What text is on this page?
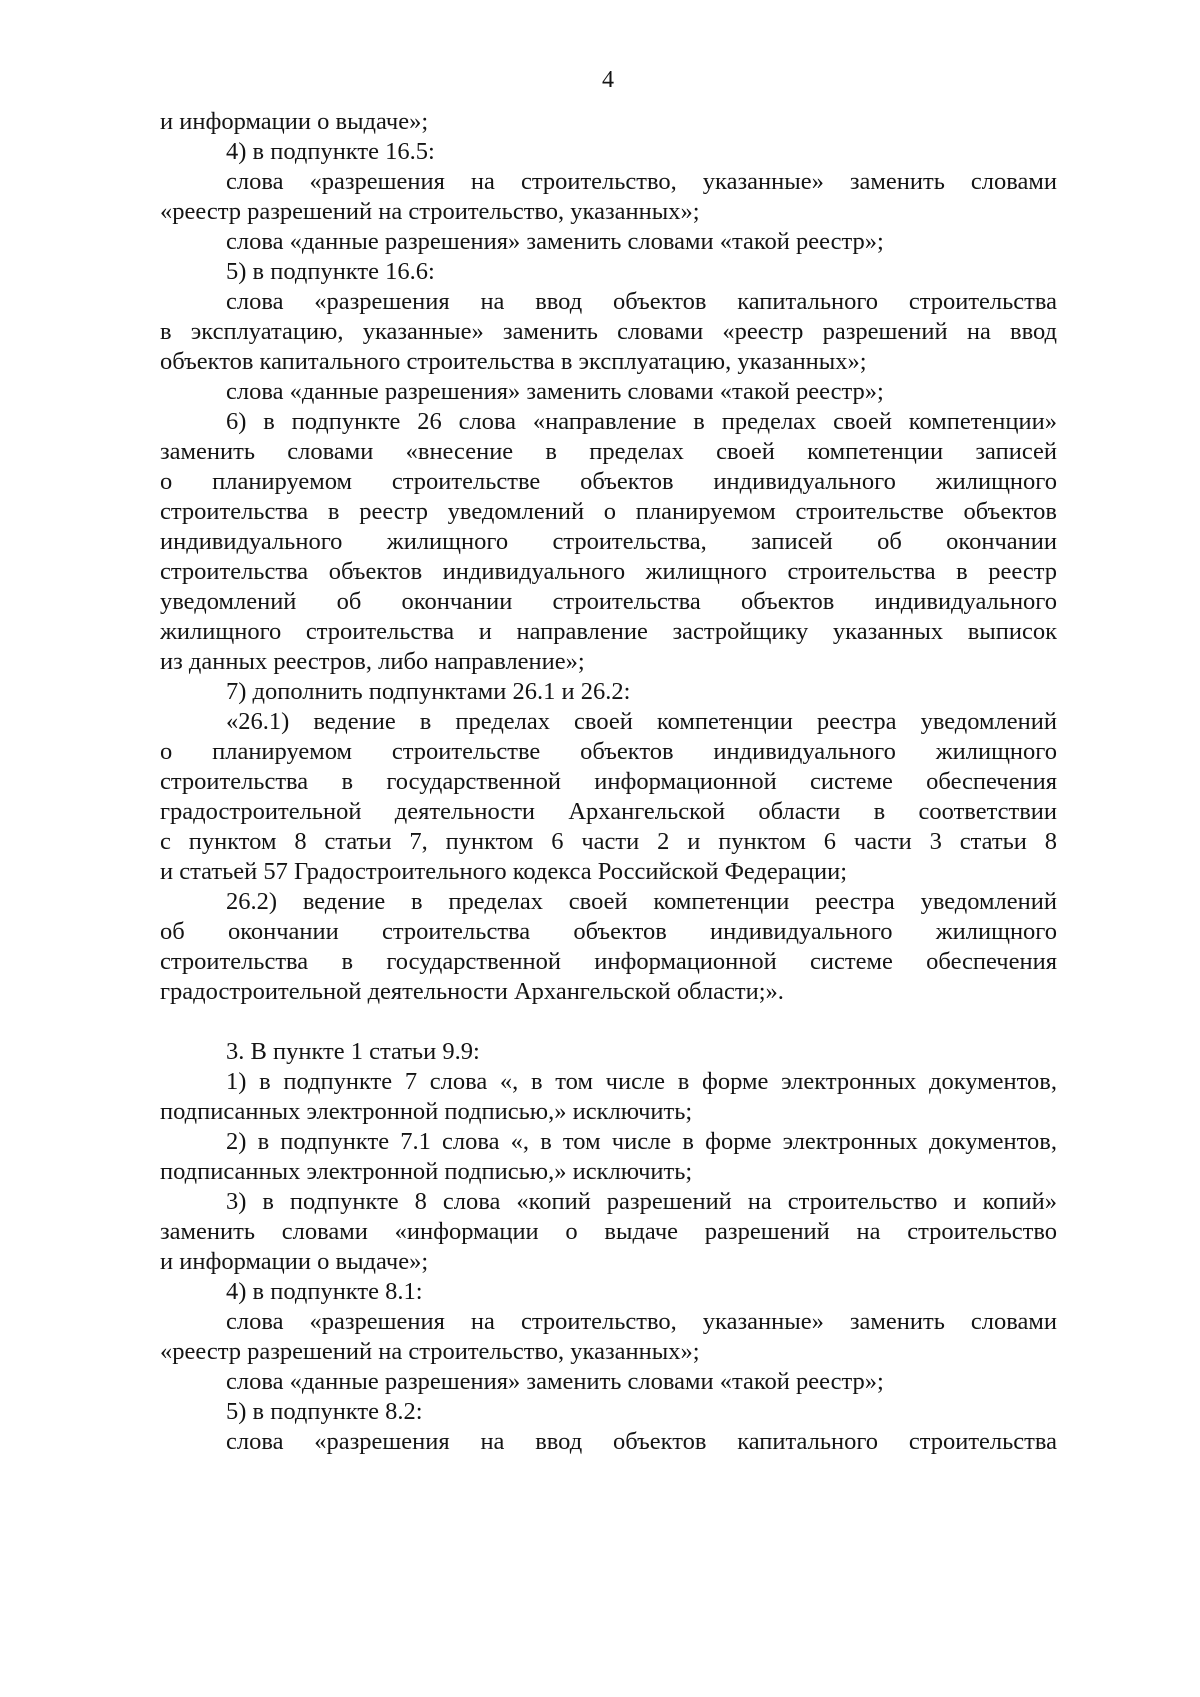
4
и информации о выдаче»;
4) в подпункте 16.5:
слова «разрешения на строительство, указанные» заменить словами
«реестр разрешений на строительство, указанных»;
слова «данные разрешения» заменить словами «такой реестр»;
5) в подпункте 16.6:
слова «разрешения на ввод объектов капитального строительства
в эксплуатацию, указанные» заменить словами «реестр разрешений на ввод
объектов капитального строительства в эксплуатацию, указанных»;
слова «данные разрешения» заменить словами «такой реестр»;
6) в подпункте 26 слова «направление в пределах своей компетенции»
заменить словами «внесение в пределах своей компетенции записей
о планируемом строительстве объектов индивидуального жилищного
строительства в реестр уведомлений о планируемом строительстве объектов
индивидуального жилищного строительства, записей об окончании
строительства объектов индивидуального жилищного строительства в реестр
уведомлений об окончании строительства объектов индивидуального
жилищного строительства и направление застройщику указанных выписок
из данных реестров, либо направление»;
7) дополнить подпунктами 26.1 и 26.2:
«26.1) ведение в пределах своей компетенции реестра уведомлений
о планируемом строительстве объектов индивидуального жилищного
строительства в государственной информационной системе обеспечения
градостроительной деятельности Архангельской области в соответствии
с пунктом 8 статьи 7, пунктом 6 части 2 и пунктом 6 части 3 статьи 8
и статьей 57 Градостроительного кодекса Российской Федерации;
26.2) ведение в пределах своей компетенции реестра уведомлений
об окончании строительства объектов индивидуального жилищного
строительства в государственной информационной системе обеспечения
градостроительной деятельности Архангельской области;».
3. В пункте 1 статьи 9.9:
1) в подпункте 7 слова «, в том числе в форме электронных документов,
подписанных электронной подписью,» исключить;
2) в подпункте 7.1 слова «, в том числе в форме электронных документов,
подписанных электронной подписью,» исключить;
3) в подпункте 8 слова «копий разрешений на строительство и копий»
заменить словами «информации о выдаче разрешений на строительство
и информации о выдаче»;
4) в подпункте 8.1:
слова «разрешения на строительство, указанные» заменить словами
«реестр разрешений на строительство, указанных»;
слова «данные разрешения» заменить словами «такой реестр»;
5) в подпункте 8.2:
слова «разрешения на ввод объектов капитального строительства
